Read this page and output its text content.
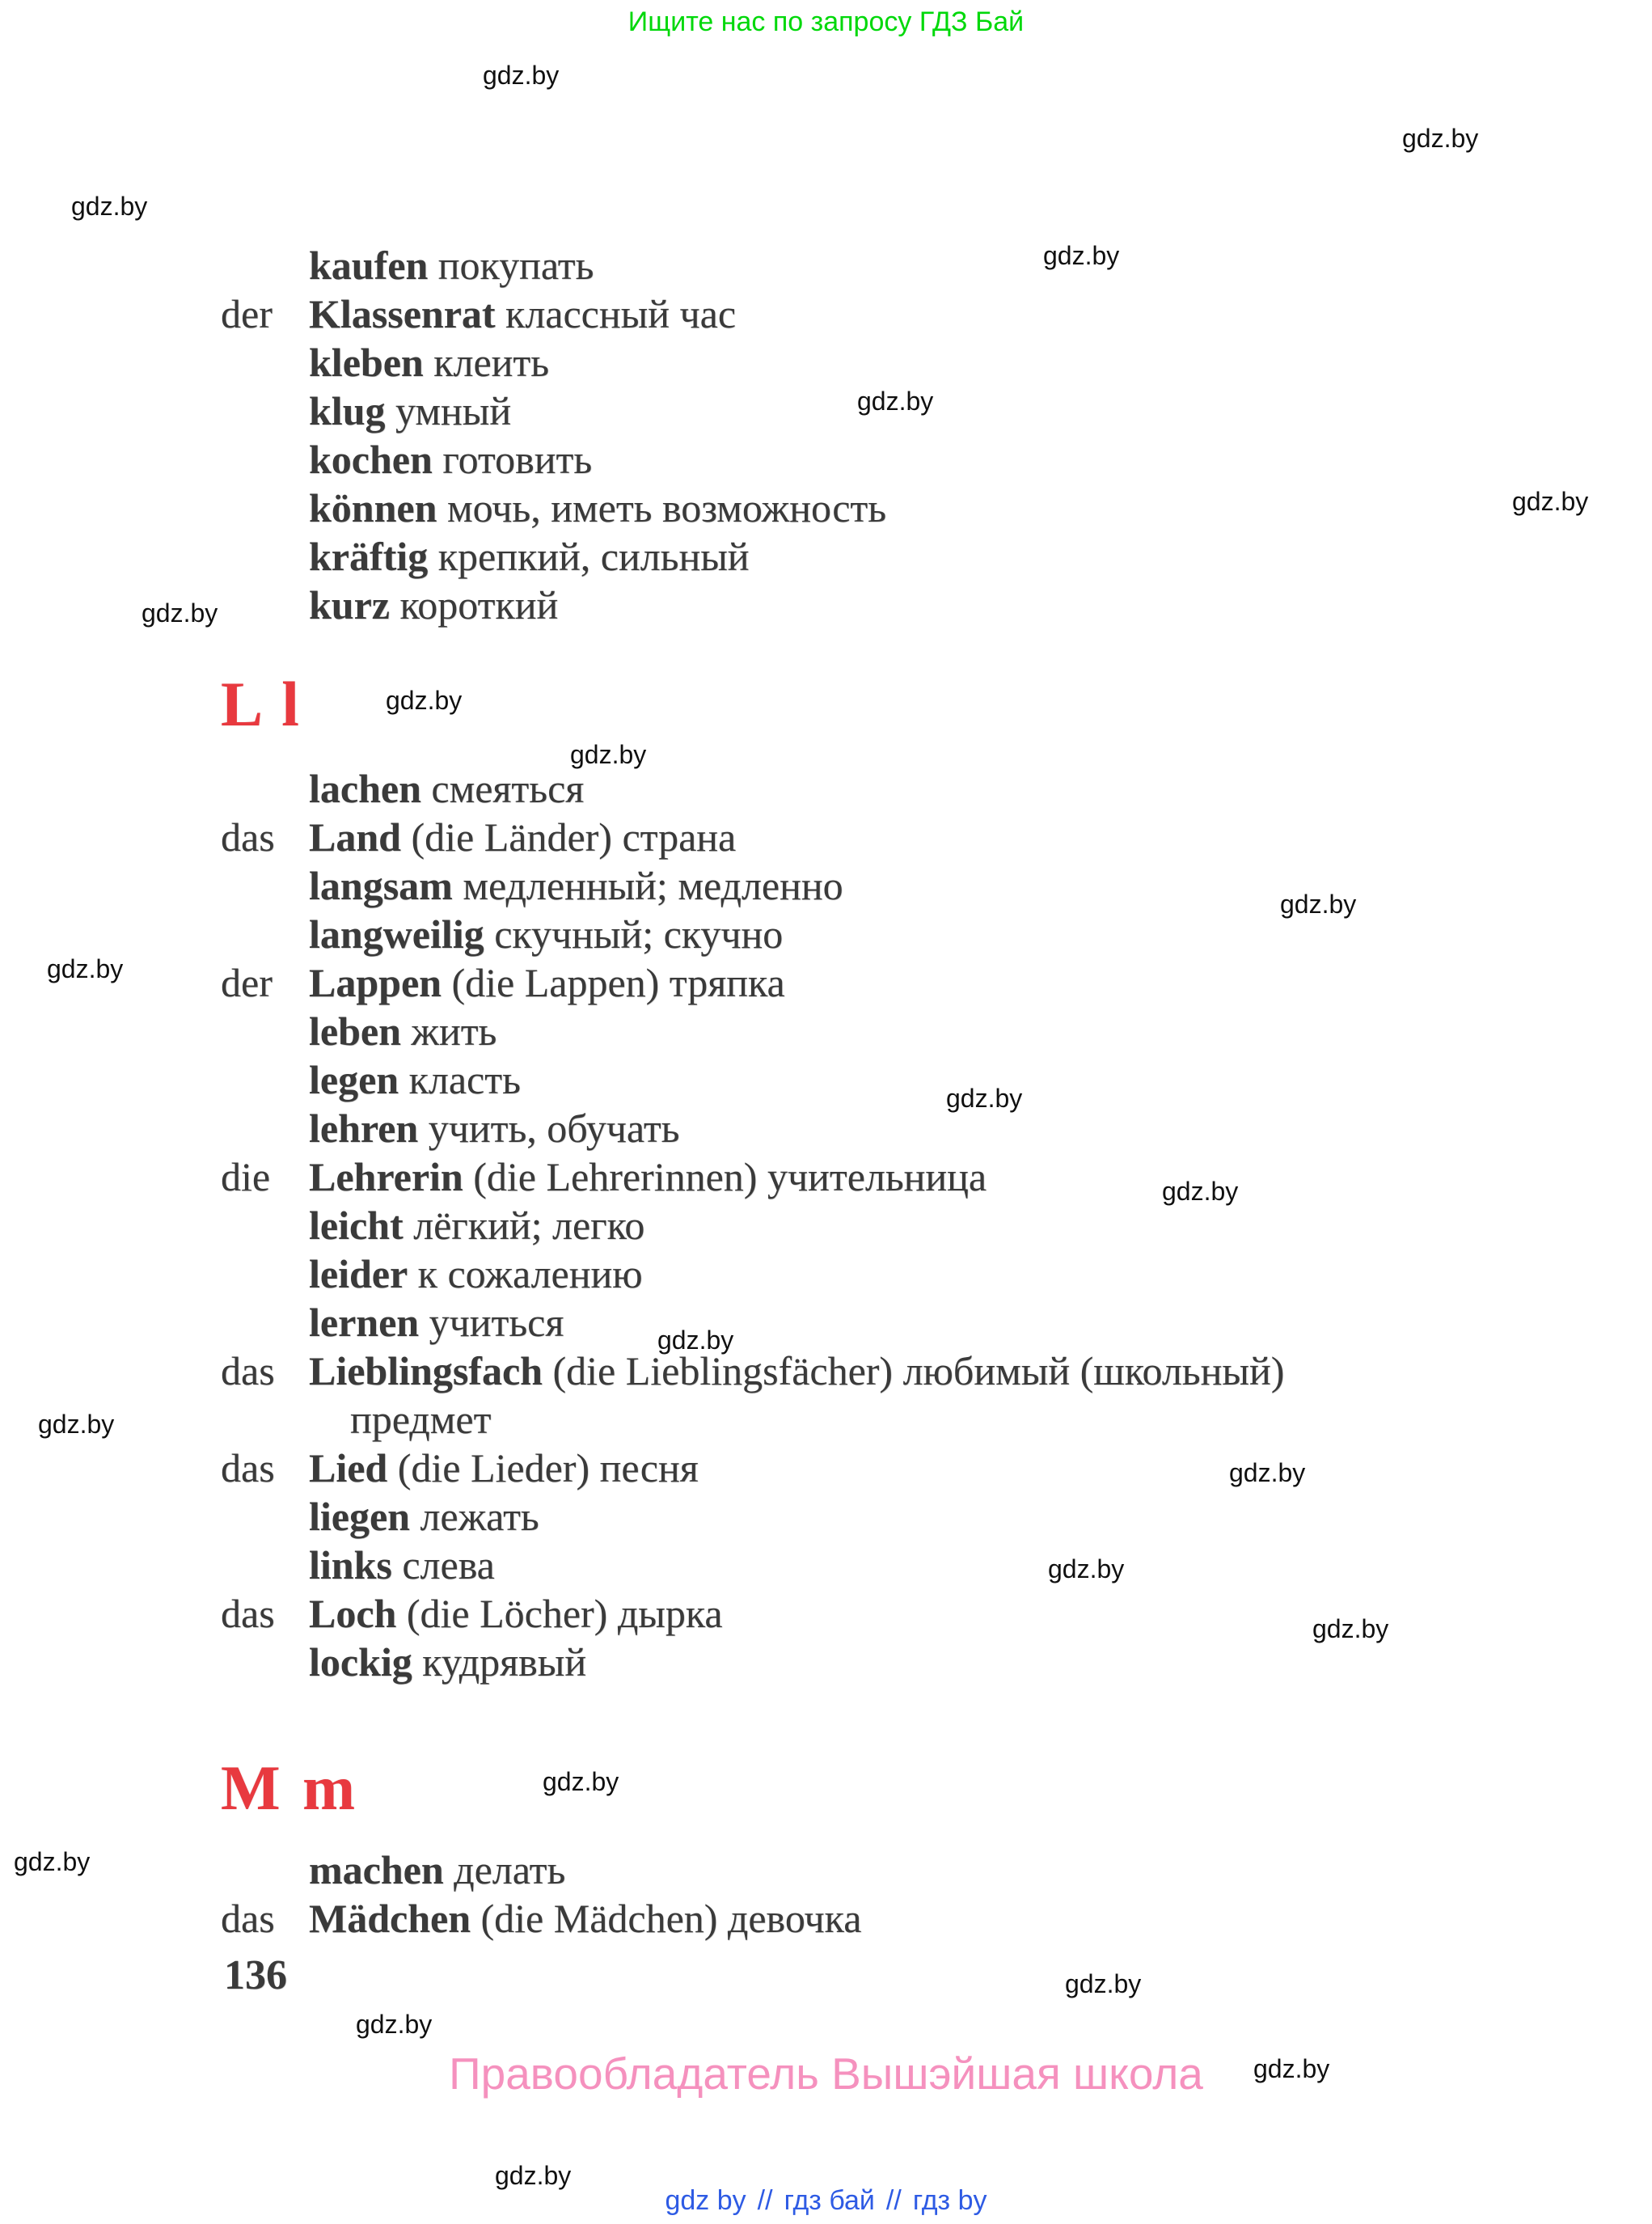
Ищите нас по запросу ГДЗ Бай
gdz.by
gdz.by
gdz.by
gdz.by
gdz.by
gdz.by
gdz.by
gdz.by
gdz.by
gdz.by
gdz.by
gdz.by
gdz.by
gdz.by
gdz.by
gdz.by
gdz.by
gdz.by
gdz.by
gdz.by
gdz.by
gdz.by
gdz.by
gdz.by
kaufen покупать
der Klassenrat классный час
kleben клеить
klug умный
kochen готовить
können мочь, иметь возможность
kräftig крепкий, сильный
kurz короткий
L l
lachen смеяться
das Land (die Länder) страна
langsam медленный; медленно
langweilig скучный; скучно
der Lappen (die Lappen) тряпка
leben жить
legen класть
lehren учить, обучать
die Lehrerin (die Lehrerinnen) учительница
leicht лёгкий; легко
leider к сожалению
lernen учиться
das Lieblingsfach (die Lieblingsfächer) любимый (школьный)
предмет
das Lied (die Lieder) песня
liegen лежать
links слева
das Loch (die Löcher) дырка
lockig кудрявый
M m
machen делать
das Mädchen (die Mädchen) девочка
136
Правообладатель Вышэйшая школа
gdz by // гдз бай // гдз by
